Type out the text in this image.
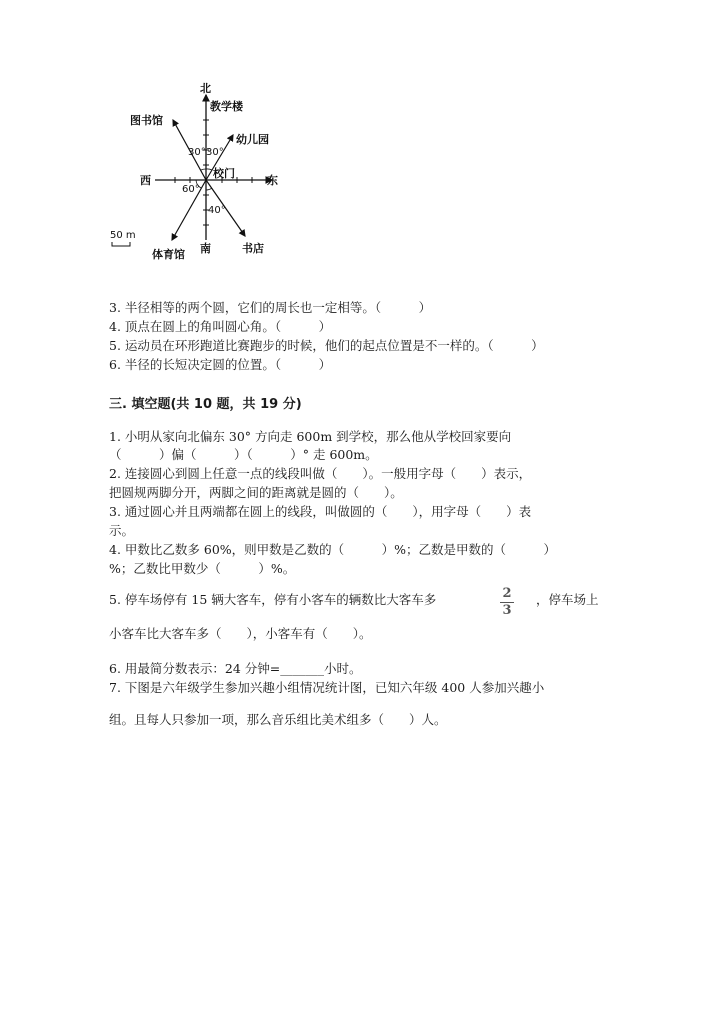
北
教学楼
图书馆
幼儿园
30° 30°
校门
西	东
60°
40°
50 m
南
体育馆	书店
3. 半径相等的两个圆，它们的周长也一定相等。（　　　）
4. 顶点在圆上的角叫圆心角。（　　　）
5. 运动员在环形跑道比赛跑步的时候，他们的起点位置是不一样的。（　　　）
6. 半径的长短决定圆的位置。（　　　）
三. 填空题(共 10 题，共 19 分)
1. 小明从家向北偏东 30° 方向走 600m 到学校，那么他从学校回家要向
（　　　）偏（　　　）（　　　）° 走 600m。
2. 连接圆心到圆上任意一点的线段叫做（　　）。一般用字母（　　）表示，
把圆规两脚分开，两脚之间的距离就是圆的（　　）。
3. 通过圆心并且两端都在圆上的线段，叫做圆的（　　），用字母（　　）表
示。
4. 甲数比乙数多 60%，则甲数是乙数的（　　　）%；乙数是甲数的（　　　）
%；乙数比甲数少（　　　）%。
5. 停车场停有 15 辆大客车，停有小客车的辆数比大客车多	2
3
，停车场上
小客车比大客车多（　　），小客车有（　　）。
6. 用最简分数表示：24 分钟=_______小时。
7. 下图是六年级学生参加兴趣小组情况统计图，已知六年级 400 人参加兴趣小
组。且每人只参加一项，那么音乐组比美术组多（　　）人。
